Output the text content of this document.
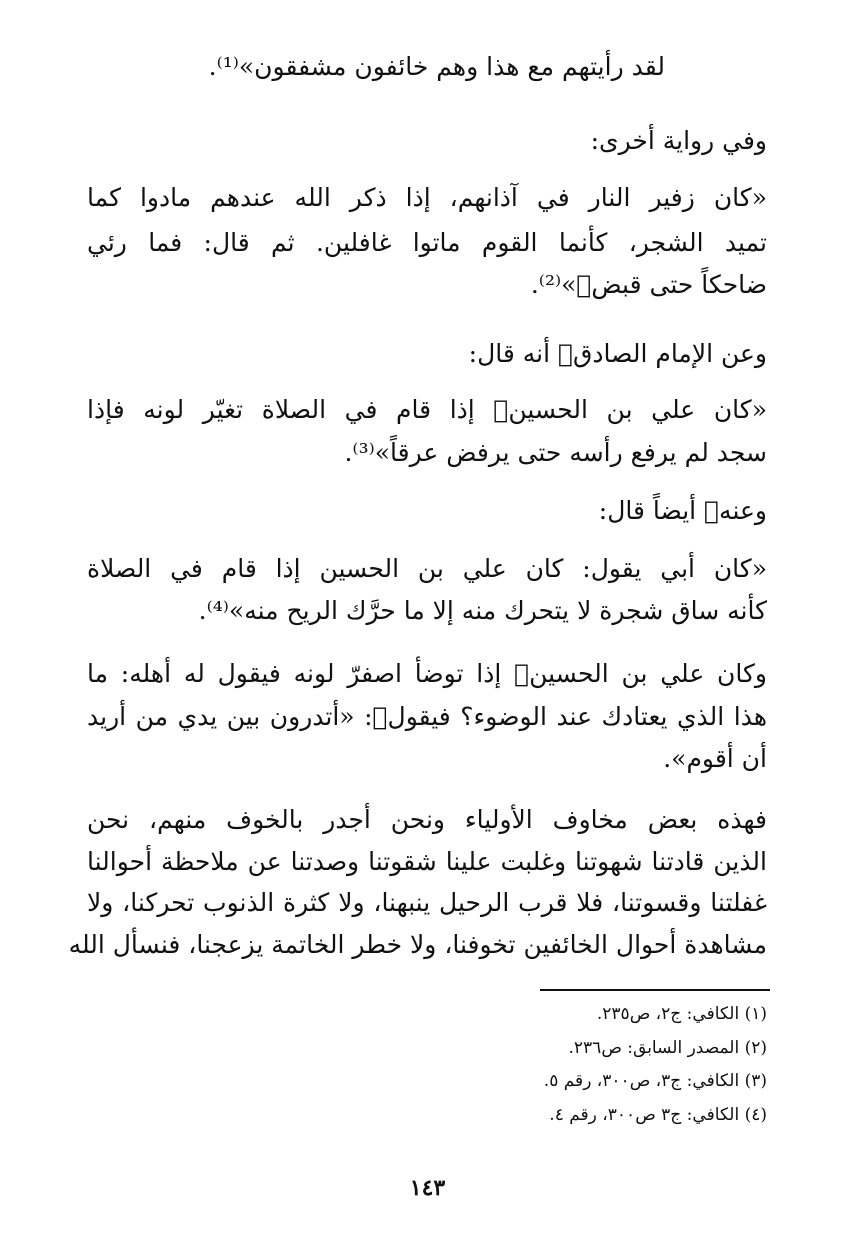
لقد رأيتهم مع هذا وهم خائفون مشفقون»⁽¹⁾.
وفي رواية أخرى:
«كان زفير النار في آذانهم، إذا ذكر الله عندهم مادوا كما
تميد الشجر، كأنما القوم ماتوا غافلين. ثم قال: فما رئي
ضاحكاً حتى قبض﷤»⁽²⁾.
وعن الإمام الصادق﷤ أنه قال:
«كان علي بن الحسين﷤ إذا قام في الصلاة تغيّر لونه فإذا
سجد لم يرفع رأسه حتى يرفض عرقاً»⁽³⁾.
وعنه﷤ أيضاً قال:
«كان أبي يقول: كان علي بن الحسين إذا قام في الصلاة
كأنه ساق شجرة لا يتحرك منه إلا ما حرَّك الريح منه»⁽⁴⁾.
وكان علي بن الحسين﷤ إذا توضأ اصفرّ لونه فيقول له أهله: ما
هذا الذي يعتادك عند الوضوء؟ فيقول﷤: «أتدرون بين يدي من أريد
أن أقوم».
فهذه بعض مخاوف الأولياء ونحن أجدر بالخوف منهم، نحن
الذين قادتنا شهوتنا وغلبت علينا شقوتنا وصدتنا عن ملاحظة أحوالنا
غفلتنا وقسوتنا، فلا قرب الرحيل ينبهنا، ولا كثرة الذنوب تحركنا، ولا
مشاهدة أحوال الخائفين تخوفنا، ولا خطر الخاتمة يزعجنا، فنسأل الله
(١) الكافي: ج٢، ص٢٣٥.
(٢) المصدر السابق: ص٢٣٦.
(٣) الكافي: ج٣، ص٣٠٠، رقم ٥.
(٤) الكافي: ج٣ ص٣٠٠، رقم ٤.
١٤٣
